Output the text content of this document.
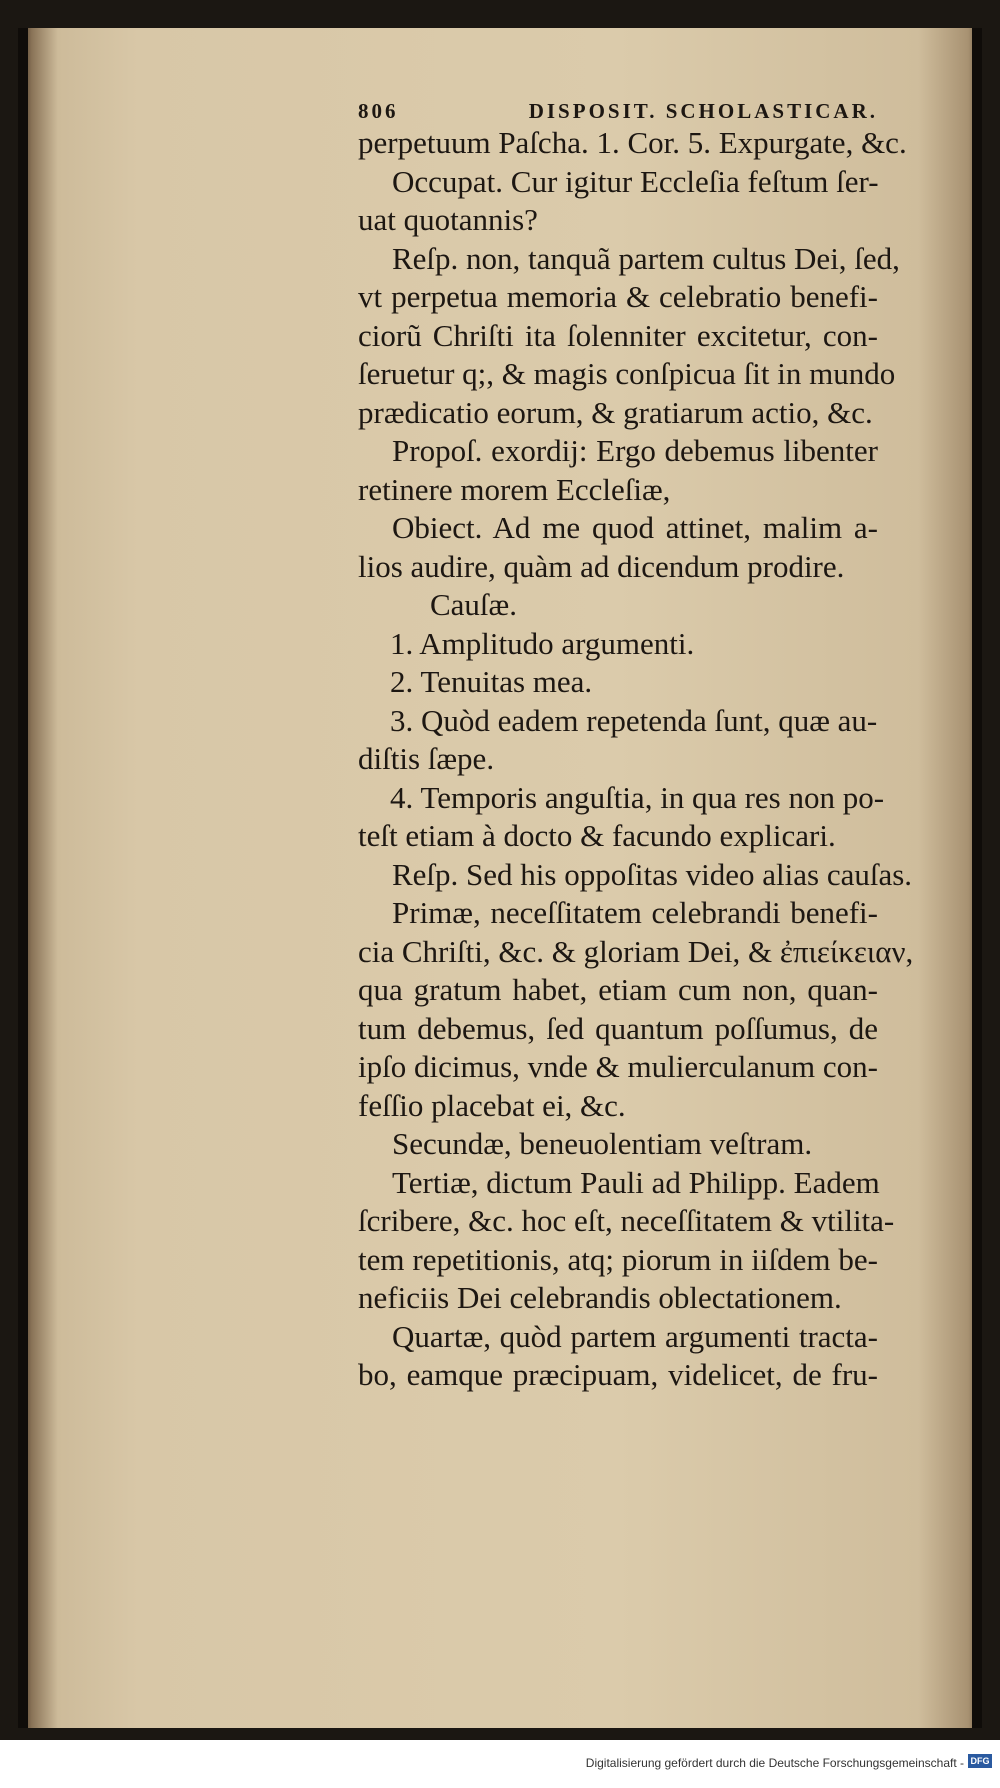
806	DISPOSIT. SCHOLASTICAR.
perpetuum Paſcha. 1. Cor. 5. Expurgate, &c.
Occupat. Cur igitur Eccleſia feſtum ſer-
uat quotannis?
Reſp. non, tanquã partem cultus Dei, ſed,
vt perpetua memoria & celebratio benefi-
ciorũ Chriſti ita ſolenniter excitetur, con-
ſeruetur q;, & magis conſpicua ſit in mundo
prædicatio eorum, & gratiarum actio, &c.
Propoſ. exordij: Ergo debemus libenter
retinere morem Eccleſiæ,
Obiect. Ad me quod attinet, malim a-
lios audire, quàm ad dicendum prodire.
Cauſæ.
1. Amplitudo argumenti.
2. Tenuitas mea.
3. Quòd eadem repetenda ſunt, quæ au-
diſtis ſæpe.
4. Temporis anguſtia, in qua res non po-
teſt etiam à docto & facundo explicari.
Reſp. Sed his oppoſitas video alias cauſas.
Primæ, neceſſitatem celebrandi benefi-
cia Chriſti, &c. & gloriam Dei, & ἐπιείκειαν,
qua gratum habet, etiam cum non, quan-
tum debemus, ſed quantum poſſumus, de
ipſo dicimus, vnde & mulierculanum con-
feſſio placebat ei, &c.
Secundæ, beneuolentiam veſtram.
Tertiæ, dictum Pauli ad Philipp. Eadem
ſcribere, &c. hoc eſt, neceſſitatem & vtilita-
tem repetitionis, atq; piorum in iiſdem be-
neficiis Dei celebrandis oblectationem.
Quartæ, quòd partem argumenti tracta-
bo, eamque præcipuam, videlicet, de fru-
Digitalisierung gefördert durch die Deutsche Forschungsgemeinschaft - DFG
